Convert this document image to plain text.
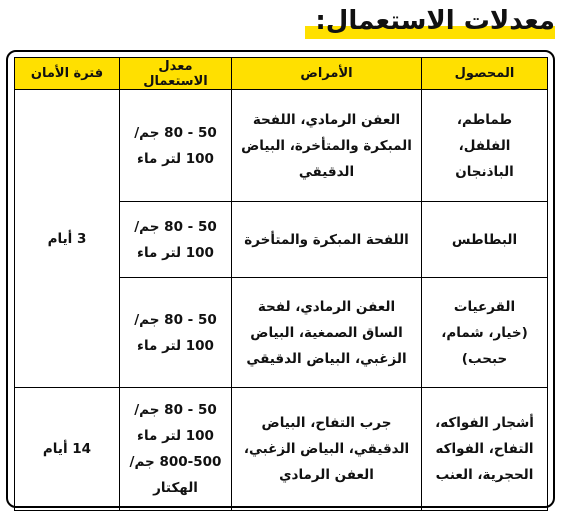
معدلات الاستعمال:
المحصول	الأمراض	معدل الاستعمال	فترة الأمان

طماطم،
الفلفل،
الباذنجان	العفن الرمادي، اللفحة
المبكرة والمتأخرة، البياض
الدقيقي	50 - 80 جم/
100 لتر ماء	3 أيام

البطاطس	اللفحة المبكرة والمتأخرة	50 - 80 جم/
100 لتر ماء	

القرعيات
(خيار، شمام،
حبحب)	العفن الرمادي، لفحة
الساق الصمغية، البياض
الزغبي، البياض الدقيقي	50 - 80 جم/
100 لتر ماء	

أشجار الفواكه،
التفاح، الفواكه
الحجرية، العنب	جرب التفاح، البياض
الدقيقي، البياض الزغبي،
العفن الرمادي	50 - 80 جم/
100 لتر ماء
800-500 جم/
الهكتار	14 أيام
